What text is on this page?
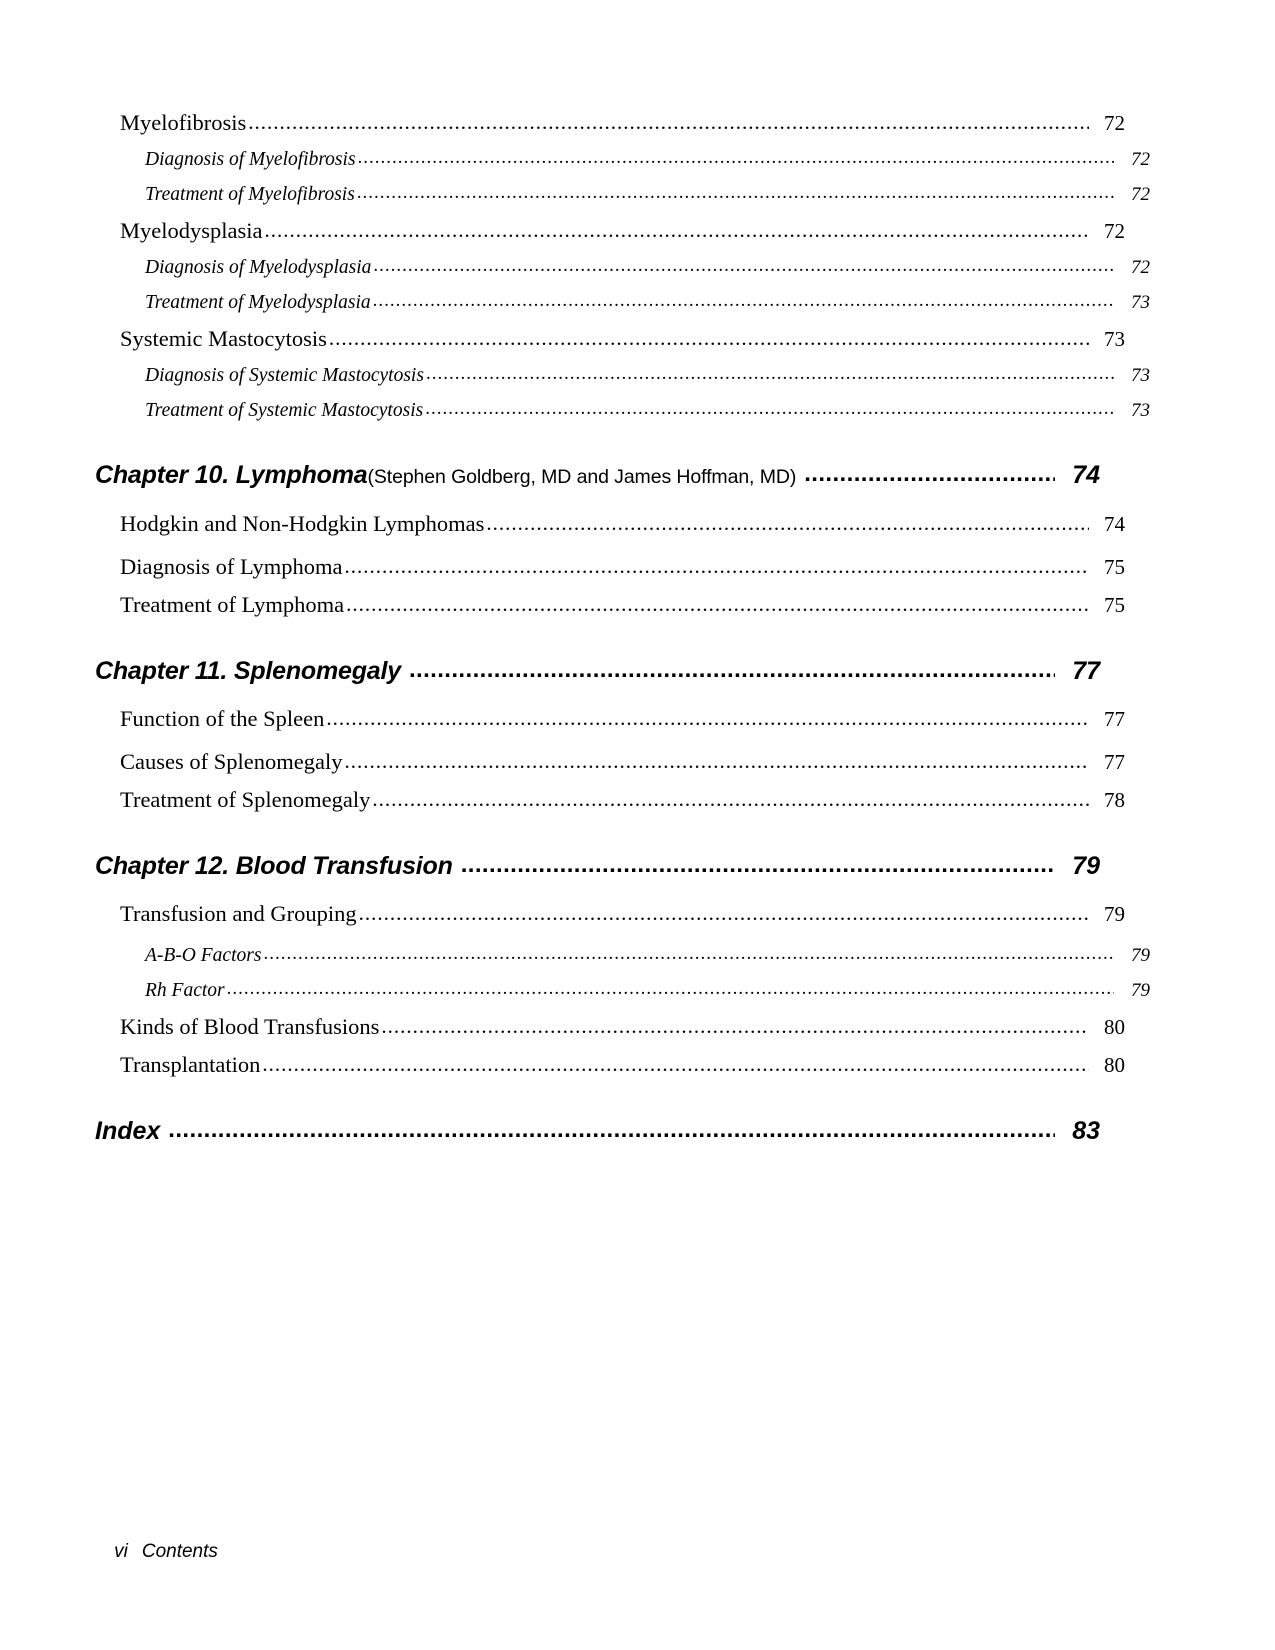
Myelofibrosis .....	72
Diagnosis of Myelofibrosis .....	72
Treatment of Myelofibrosis .....	72
Myelodysplasia .....	72
Diagnosis of Myelodysplasia .....	72
Treatment of Myelodysplasia .....	73
Systemic Mastocytosis .....	73
Diagnosis of Systemic Mastocytosis .....	73
Treatment of Systemic Mastocytosis .....	73
Chapter 10. Lymphoma (Stephen Goldberg, MD and James Hoffman, MD) .....	74
Hodgkin and Non-Hodgkin Lymphomas .....	74
Diagnosis of Lymphoma .....	75
Treatment of Lymphoma .....	75
Chapter 11. Splenomegaly .....	77
Function of the Spleen .....	77
Causes of Splenomegaly .....	77
Treatment of Splenomegaly .....	78
Chapter 12. Blood Transfusion .....	79
Transfusion and Grouping .....	79
A-B-O Factors .....	79
Rh Factor .....	79
Kinds of Blood Transfusions .....	80
Transplantation .....	80
Index .....	83

vi Contents
